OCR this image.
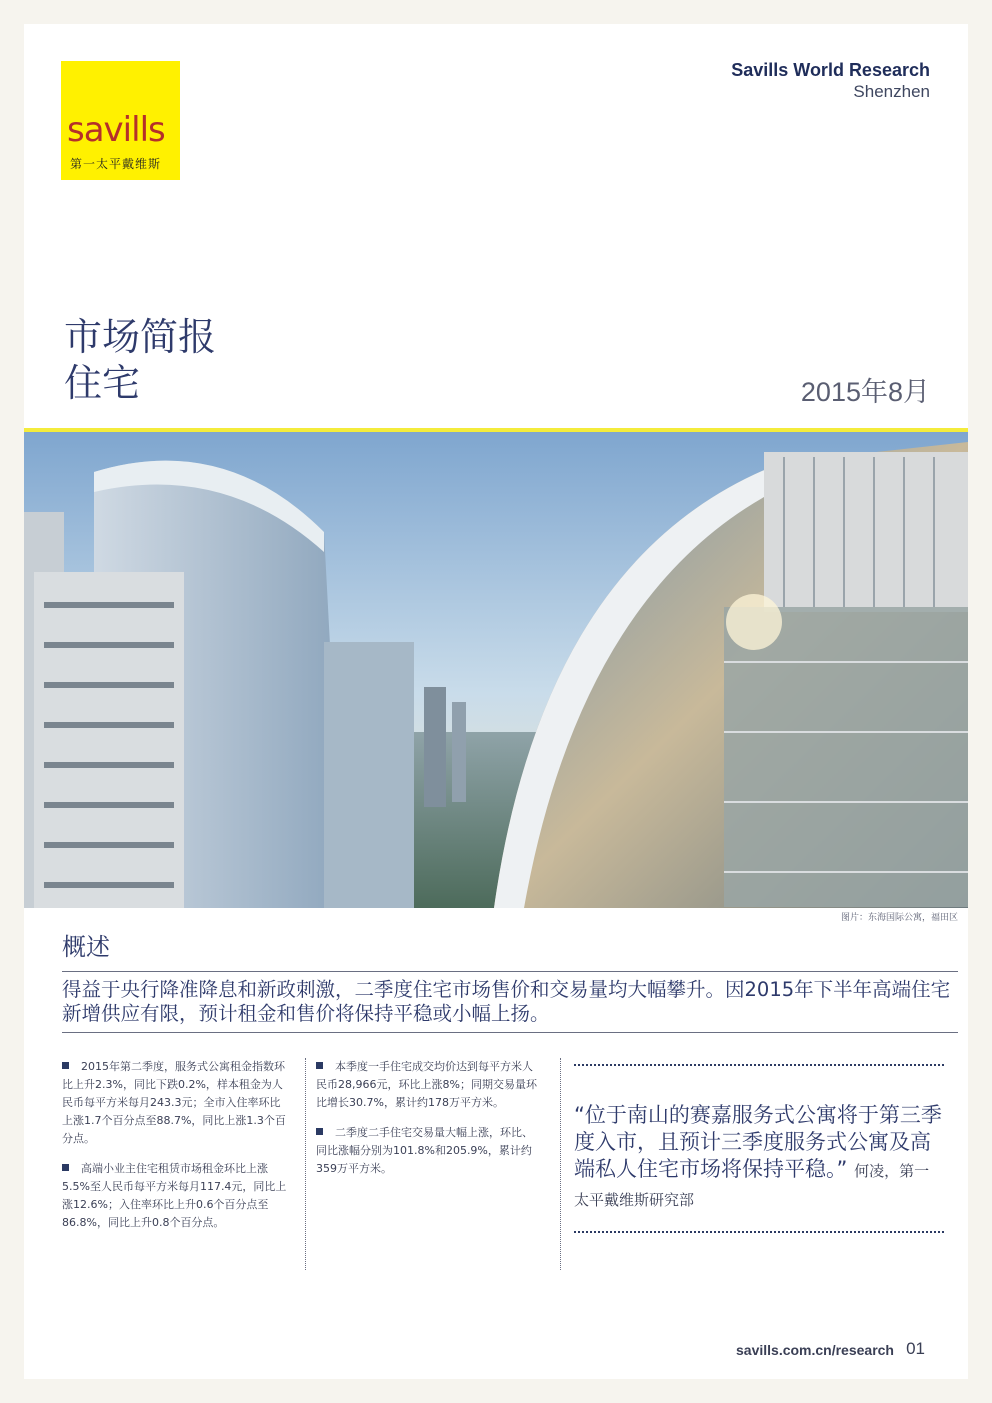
savills
第一太平戴维斯
Savills World Research
Shenzhen
市场简报
住宅	2015年8月
图片：东海国际公寓，福田区
概述
得益于央行降准降息和新政刺激，二季度住宅市场售价和交易量均大幅攀升。因2015年下半年高端住宅新增供应有限，预计租金和售价将保持平稳或小幅上扬。
2015年第二季度，服务式公寓租金指数环比上升2.3%，同比下跌0.2%，样本租金为人民币每平方米每月243.3元；全市入住率环比上涨1.7个百分点至88.7%，同比上涨1.3个百分点。
高端小业主住宅租赁市场租金环比上涨5.5%至人民币每平方米每月117.4元，同比上涨12.6%；入住率环比上升0.6个百分点至86.8%，同比上升0.8个百分点。
本季度一手住宅成交均价达到每平方米人民币28,966元，环比上涨8%；同期交易量环比增长30.7%，累计约178万平方米。
二季度二手住宅交易量大幅上涨，环比、同比涨幅分别为101.8%和205.9%，累计约359万平方米。
“位于南山的赛嘉服务式公寓将于第三季度入市，且预计三季度服务式公寓及高端私人住宅市场将保持平稳。” 何凌，第一太平戴维斯研究部
savills.com.cn/research 01
